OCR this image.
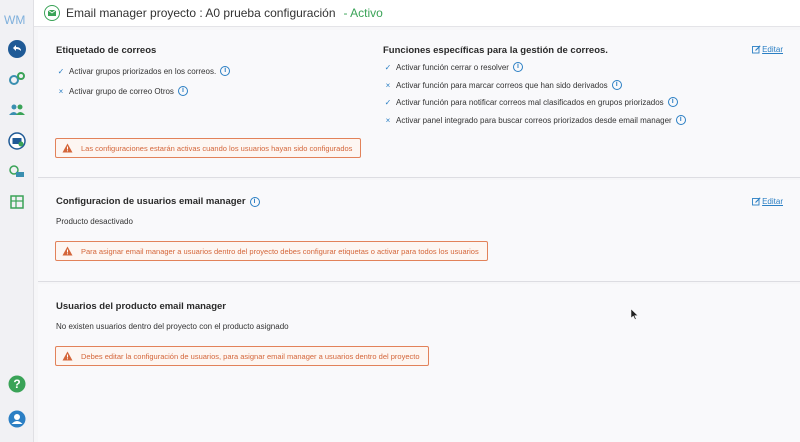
WM
?
Email manager proyecto : A0 prueba configuración - Activo
Etiquetado de correos
✓ Activar grupos priorizados en los correos.	i
× Activar grupo de correo Otros	i
Funciones específicas para la gestión de correos.
✓ Activar función cerrar o resolver	i
× Activar función para marcar correos que han sido derivados	i
✓ Activar función para notificar correos mal clasificados en grupos priorizados	i
× Activar panel integrado para buscar correos priorizados desde email manager	i
Editar
Las configuraciones estarán activas cuando los usuarios hayan sido configurados
Configuracion de usuarios email manager	i
Producto desactivado
Editar
Para asignar email manager a usuarios dentro del proyecto debes configurar etiquetas o activar para todos los usuarios
Usuarios del producto email manager
No existen usuarios dentro del proyecto con el producto asignado
Debes editar la configuración de usuarios, para asignar email manager a usuarios dentro del proyecto
